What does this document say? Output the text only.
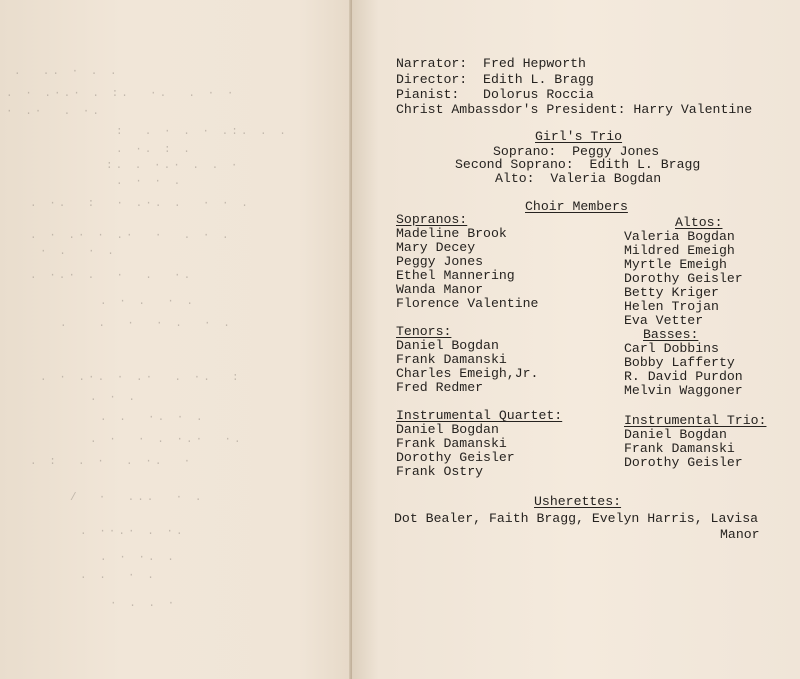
.  .. · . .
. · .·.· . :.  ·.  . · ·
· .·  . ·.
:  . · . · .:. . .
. ·. : .
:. . ·.· . . ·
. · · .
. ·.  :  · .·. .  · · .
. · .· · .·  ·  . · .
· .  · .
. ·.· .  ·  .  ·.
. · .  · .
.   .  ·  · .  · .
. · .·. · .·  . ·.  :
. · .
. .  ·. · .
. ·  · . ·.·  ·.
. :  . ·  . ·.  ·
/  ·  ...  · .
. ··.· . ·.
. · ·. .
. .  · .
· . . ·
Narrator:  Fred Hepworth
Director:  Edith L. Bragg
Pianist:   Dolorus Roccia
Christ Ambassdor's President: Harry Valentine
Girl's Trio
Soprano:  Peggy Jones
Second Soprano:  Edith L. Bragg
Alto:  Valeria Bogdan
Choir Members
Sopranos:
Madeline Brook
Mary Decey
Peggy Jones
Ethel Mannering
Wanda Manor
Florence Valentine
Altos:
Valeria Bogdan
Mildred Emeigh
Myrtle Emeigh
Dorothy Geisler
Betty Kriger
Helen Trojan
Eva Vetter
Tenors:
Daniel Bogdan
Frank Damanski
Charles Emeigh,Jr.
Fred Redmer
Basses:
Carl Dobbins
Bobby Lafferty
R. David Purdon
Melvin Waggoner
Instrumental Quartet:
Daniel Bogdan
Frank Damanski
Dorothy Geisler
Frank Ostry
Instrumental Trio:
Daniel Bogdan
Frank Damanski
Dorothy Geisler
Usherettes:
Dot Bealer, Faith Bragg, Evelyn Harris, Lavisa
Manor
